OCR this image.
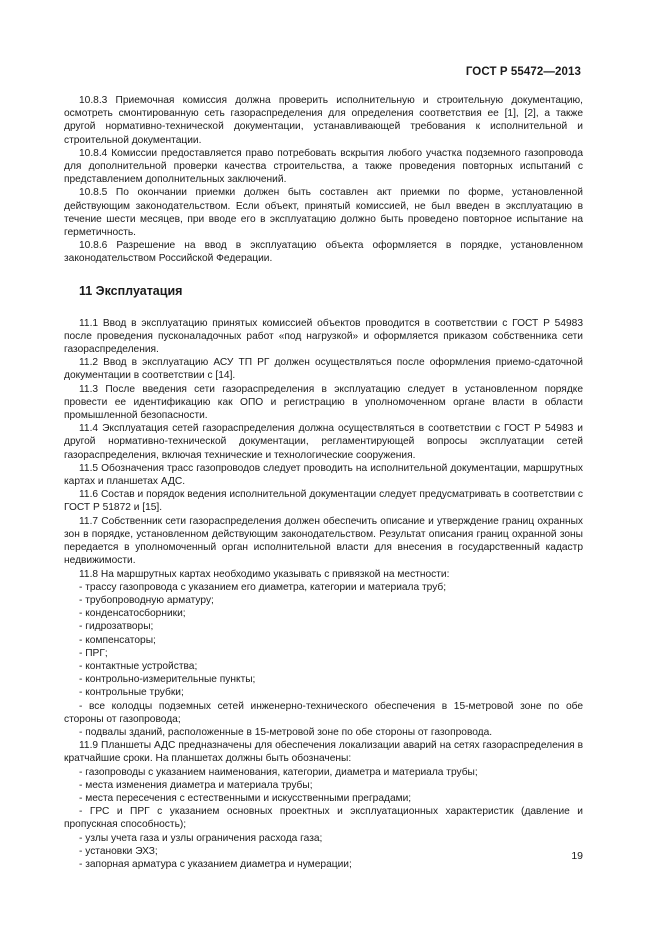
ГОСТ Р 55472—2013

10.8.3 Приемочная комиссия должна проверить исполнительную и строительную документацию, осмотреть смонтированную сеть газораспределения для определения соответствия ее [1], [2], а также другой нормативно-технической документации, устанавливающей требования к исполнительной и строительной документации.

10.8.4 Комиссии предоставляется право потребовать вскрытия любого участка подземного газопровода для дополнительной проверки качества строительства, а также проведения повторных испытаний с представлением дополнительных заключений.

10.8.5 По окончании приемки должен быть составлен акт приемки по форме, установленной действующим законодательством. Если объект, принятый комиссией, не был введен в эксплуатацию в течение шести месяцев, при вводе его в эксплуатацию должно быть проведено повторное испытание на герметичность.

10.8.6 Разрешение на ввод в эксплуатацию объекта оформляется в порядке, установленном законодательством Российской Федерации.

11 Эксплуатация

11.1 Ввод в эксплуатацию принятых комиссией объектов проводится в соответствии с ГОСТ Р 54983 после проведения пусконаладочных работ «под нагрузкой» и оформляется приказом собственника сети газораспределения.

11.2 Ввод в эксплуатацию АСУ ТП РГ должен осуществляться после оформления приемо-сдаточной документации в соответствии с [14].

11.3 После введения сети газораспределения в эксплуатацию следует в установленном порядке провести ее идентификацию как ОПО и регистрацию в уполномоченном органе власти в области промышленной безопасности.

11.4 Эксплуатация сетей газораспределения должна осуществляться в соответствии с ГОСТ Р 54983 и другой нормативно-технической документации, регламентирующей вопросы эксплуатации сетей газораспределения, включая технические и технологические сооружения.

11.5 Обозначения трасс газопроводов следует проводить на исполнительной документации, маршрутных картах и планшетах АДС.

11.6 Состав и порядок ведения исполнительной документации следует предусматривать в соответствии с ГОСТ Р 51872 и [15].

11.7 Собственник сети газораспределения должен обеспечить описание и утверждение границ охранных зон в порядке, установленном действующим законодательством. Результат описания границ охранной зоны передается в уполномоченный орган исполнительной власти для внесения в государственный кадастр недвижимости.

11.8 На маршрутных картах необходимо указывать с привязкой на местности:

- трассу газопровода с указанием его диаметра, категории и материала труб;

- трубопроводную арматуру;

- конденсатосборники;

- гидрозатворы;

- компенсаторы;

- ПРГ;

- контактные устройства;

- контрольно-измерительные пункты;

- контрольные трубки;

- все колодцы подземных сетей инженерно-технического обеспечения в 15-метровой зоне по обе стороны от газопровода;

- подвалы зданий, расположенные в 15-метровой зоне по обе стороны от газопровода.

11.9 Планшеты АДС предназначены для обеспечения локализации аварий на сетях газораспределения в кратчайшие сроки. На планшетах должны быть обозначены:

- газопроводы с указанием наименования, категории, диаметра и материала трубы;

- места изменения диаметра и материала трубы;

- места пересечения с естественными и искусственными преградами;

- ГРС и ПРГ с указанием основных проектных и эксплуатационных характеристик (давление и пропускная способность);

- узлы учета газа и узлы ограничения расхода газа;

- установки ЭХЗ;

- запорная арматура с указанием диаметра и нумерации;

19
